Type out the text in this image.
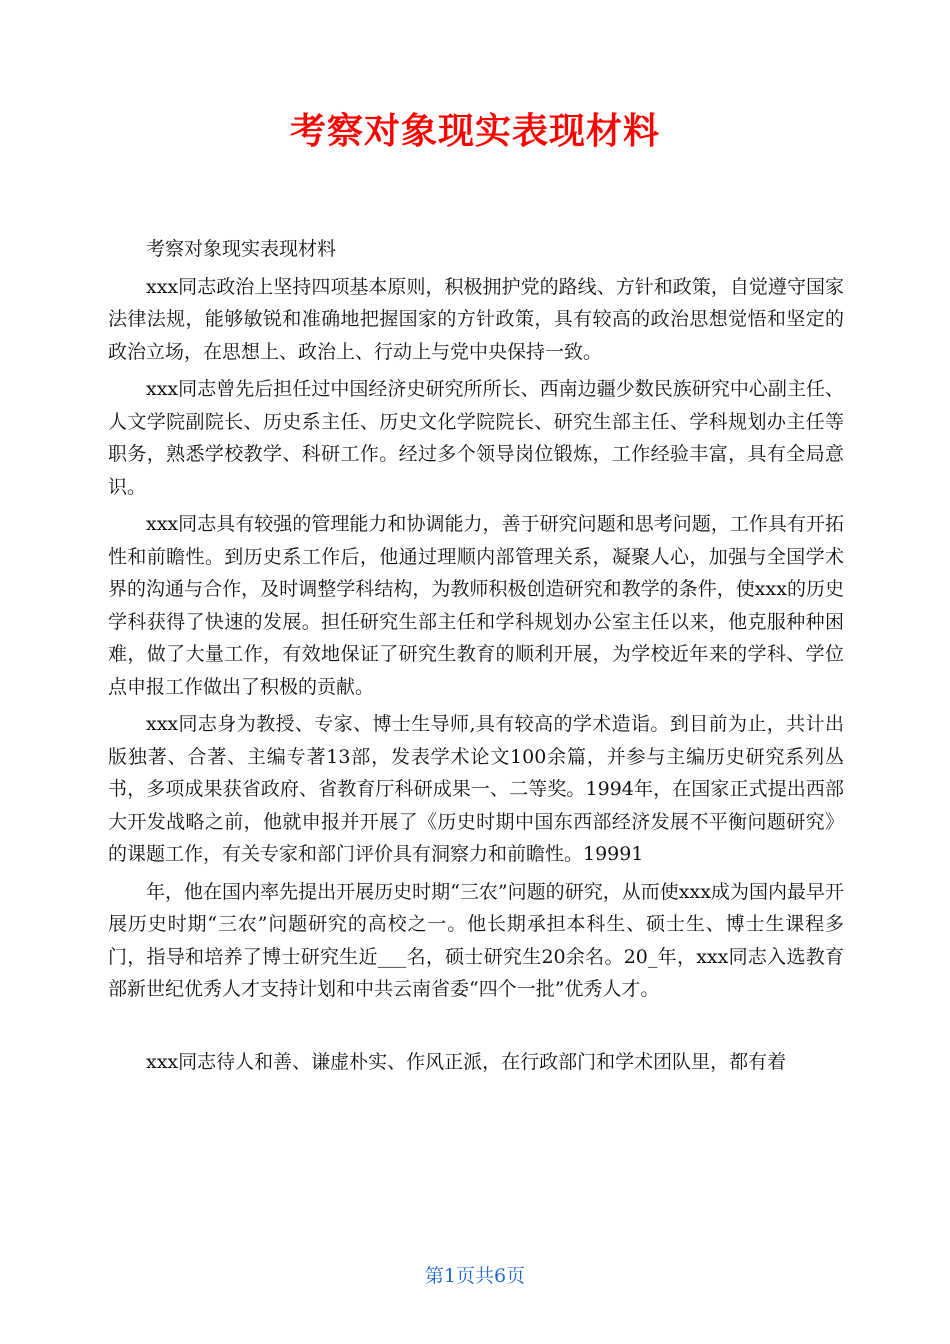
考察对象现实表现材料

考察对象现实表现材料

xxx同志政治上坚持四项基本原则，积极拥护党的路线、方针和政策，自觉遵守国家法律法规，能够敏锐和准确地把握国家的方针政策，具有较高的政治思想觉悟和坚定的政治立场，在思想上、政治上、行动上与党中央保持一致。

xxx同志曾先后担任过中国经济史研究所所长、西南边疆少数民族研究中心副主任、人文学院副院长、历史系主任、历史文化学院院长、研究生部主任、学科规划办主任等职务，熟悉学校教学、科研工作。经过多个领导岗位锻炼，工作经验丰富，具有全局意识。

xxx同志具有较强的管理能力和协调能力，善于研究问题和思考问题，工作具有开拓性和前瞻性。到历史系工作后，他通过理顺内部管理关系，凝聚人心，加强与全国学术界的沟通与合作，及时调整学科结构，为教师积极创造研究和教学的条件，使xxx的历史学科获得了快速的发展。担任研究生部主任和学科规划办公室主任以来，他克服种种困难，做了大量工作，有效地保证了研究生教育的顺利开展，为学校近年来的学科、学位点申报工作做出了积极的贡献。

xxx同志身为教授、专家、博士生导师,具有较高的学术造诣。到目前为止，共计出版独著、合著、主编专著13部，发表学术论文100余篇，并参与主编历史研究系列丛书，多项成果获省政府、省教育厅科研成果一、二等奖。1994年，在国家正式提出西部大开发战略之前，他就申报并开展了《历史时期中国东西部经济发展不平衡问题研究》的课题工作，有关专家和部门评价具有洞察力和前瞻性。19991

年，他在国内率先提出开展历史时期“三农”问题的研究，从而使xxx成为国内最早开展历史时期“三农”问题研究的高校之一。他长期承担本科生、硕士生、博士生课程多门，指导和培养了博士研究生近___名，硕士研究生20余名。20_年，xxx同志入选教育部新世纪优秀人才支持计划和中共云南省委“四个一批”优秀人才。

xxx同志待人和善、谦虚朴实、作风正派，在行政部门和学术团队里，都有着

第1页共6页
